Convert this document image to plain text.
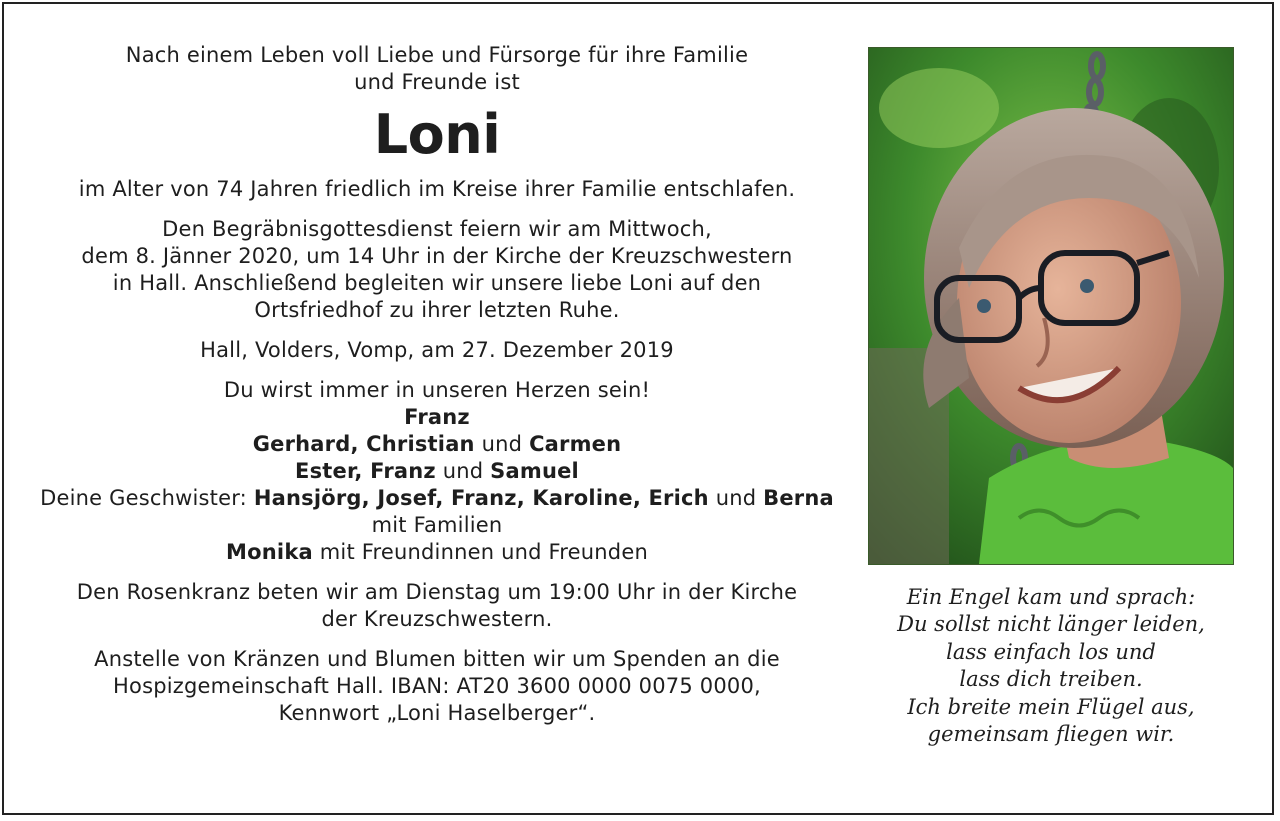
Nach einem Leben voll Liebe und Fürsorge für ihre Familie

und Freunde ist

Loni

im Alter von 74 Jahren friedlich im Kreise ihrer Familie entschlafen.

Den Begräbnisgottesdienst feiern wir am Mittwoch,

dem 8. Jänner 2020, um 14 Uhr in der Kirche der Kreuzschwestern

in Hall. Anschließend begleiten wir unsere liebe Loni auf den

Ortsfriedhof zu ihrer letzten Ruhe.

Hall, Volders, Vomp, am 27. Dezember 2019

Du wirst immer in unseren Herzen sein!

Franz

Gerhard, Christian und Carmen

Ester, Franz und Samuel

Deine Geschwister: Hansjörg, Josef, Franz, Karoline, Erich und Berna

mit Familien

Monika mit Freundinnen und Freunden

Den Rosenkranz beten wir am Dienstag um 19:00 Uhr in der Kirche

der Kreuzschwestern.

Anstelle von Kränzen und Blumen bitten wir um Spenden an die

Hospizgemeinschaft Hall. IBAN: AT20 3600 0000 0075 0000,

Kennwort „Loni Haselberger“.

Ein Engel kam und sprach:
Du sollst nicht länger leiden,
lass einfach los und
lass dich treiben.
Ich breite mein Flügel aus,
gemeinsam fliegen wir.
